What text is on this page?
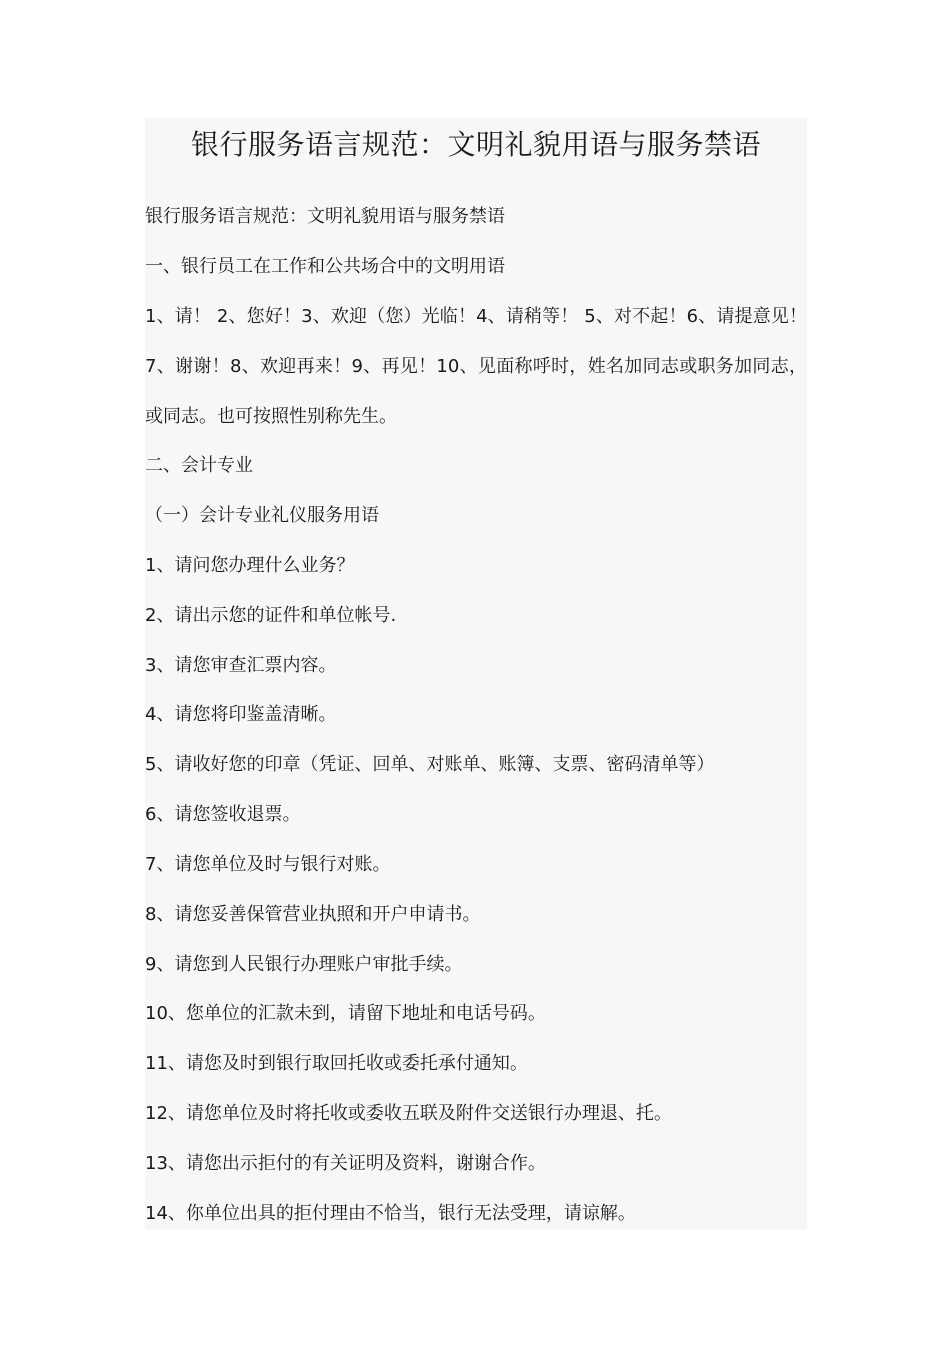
银行服务语言规范：文明礼貌用语与服务禁语

银行服务语言规范：文明礼貌用语与服务禁语

一、银行员工在工作和公共场合中的文明用语

1、请！ 2、您好！3、欢迎（您）光临！4、请稍等！ 5、对不起！6、请提意见！ 7、谢谢！8、欢迎再来！9、再见！10、见面称呼时，姓名加同志或职务加同志，或同志。也可按照性别称先生。

二、会计专业

（一）会计专业礼仪服务用语

1、请问您办理什么业务？

2、请出示您的证件和单位帐号.

3、请您审查汇票内容。

4、请您将印鉴盖清晰。

5、请收好您的印章（凭证、回单、对账单、账簿、支票、密码清单等）

6、请您签收退票。

7、请您单位及时与银行对账。

8、请您妥善保管营业执照和开户申请书。

9、请您到人民银行办理账户审批手续。

10、您单位的汇款未到，请留下地址和电话号码。

11、请您及时到银行取回托收或委托承付通知。

12、请您单位及时将托收或委收五联及附件交送银行办理退、托。

13、请您出示拒付的有关证明及资料，谢谢合作。

14、你单位出具的拒付理由不恰当，银行无法受理，请谅解。
